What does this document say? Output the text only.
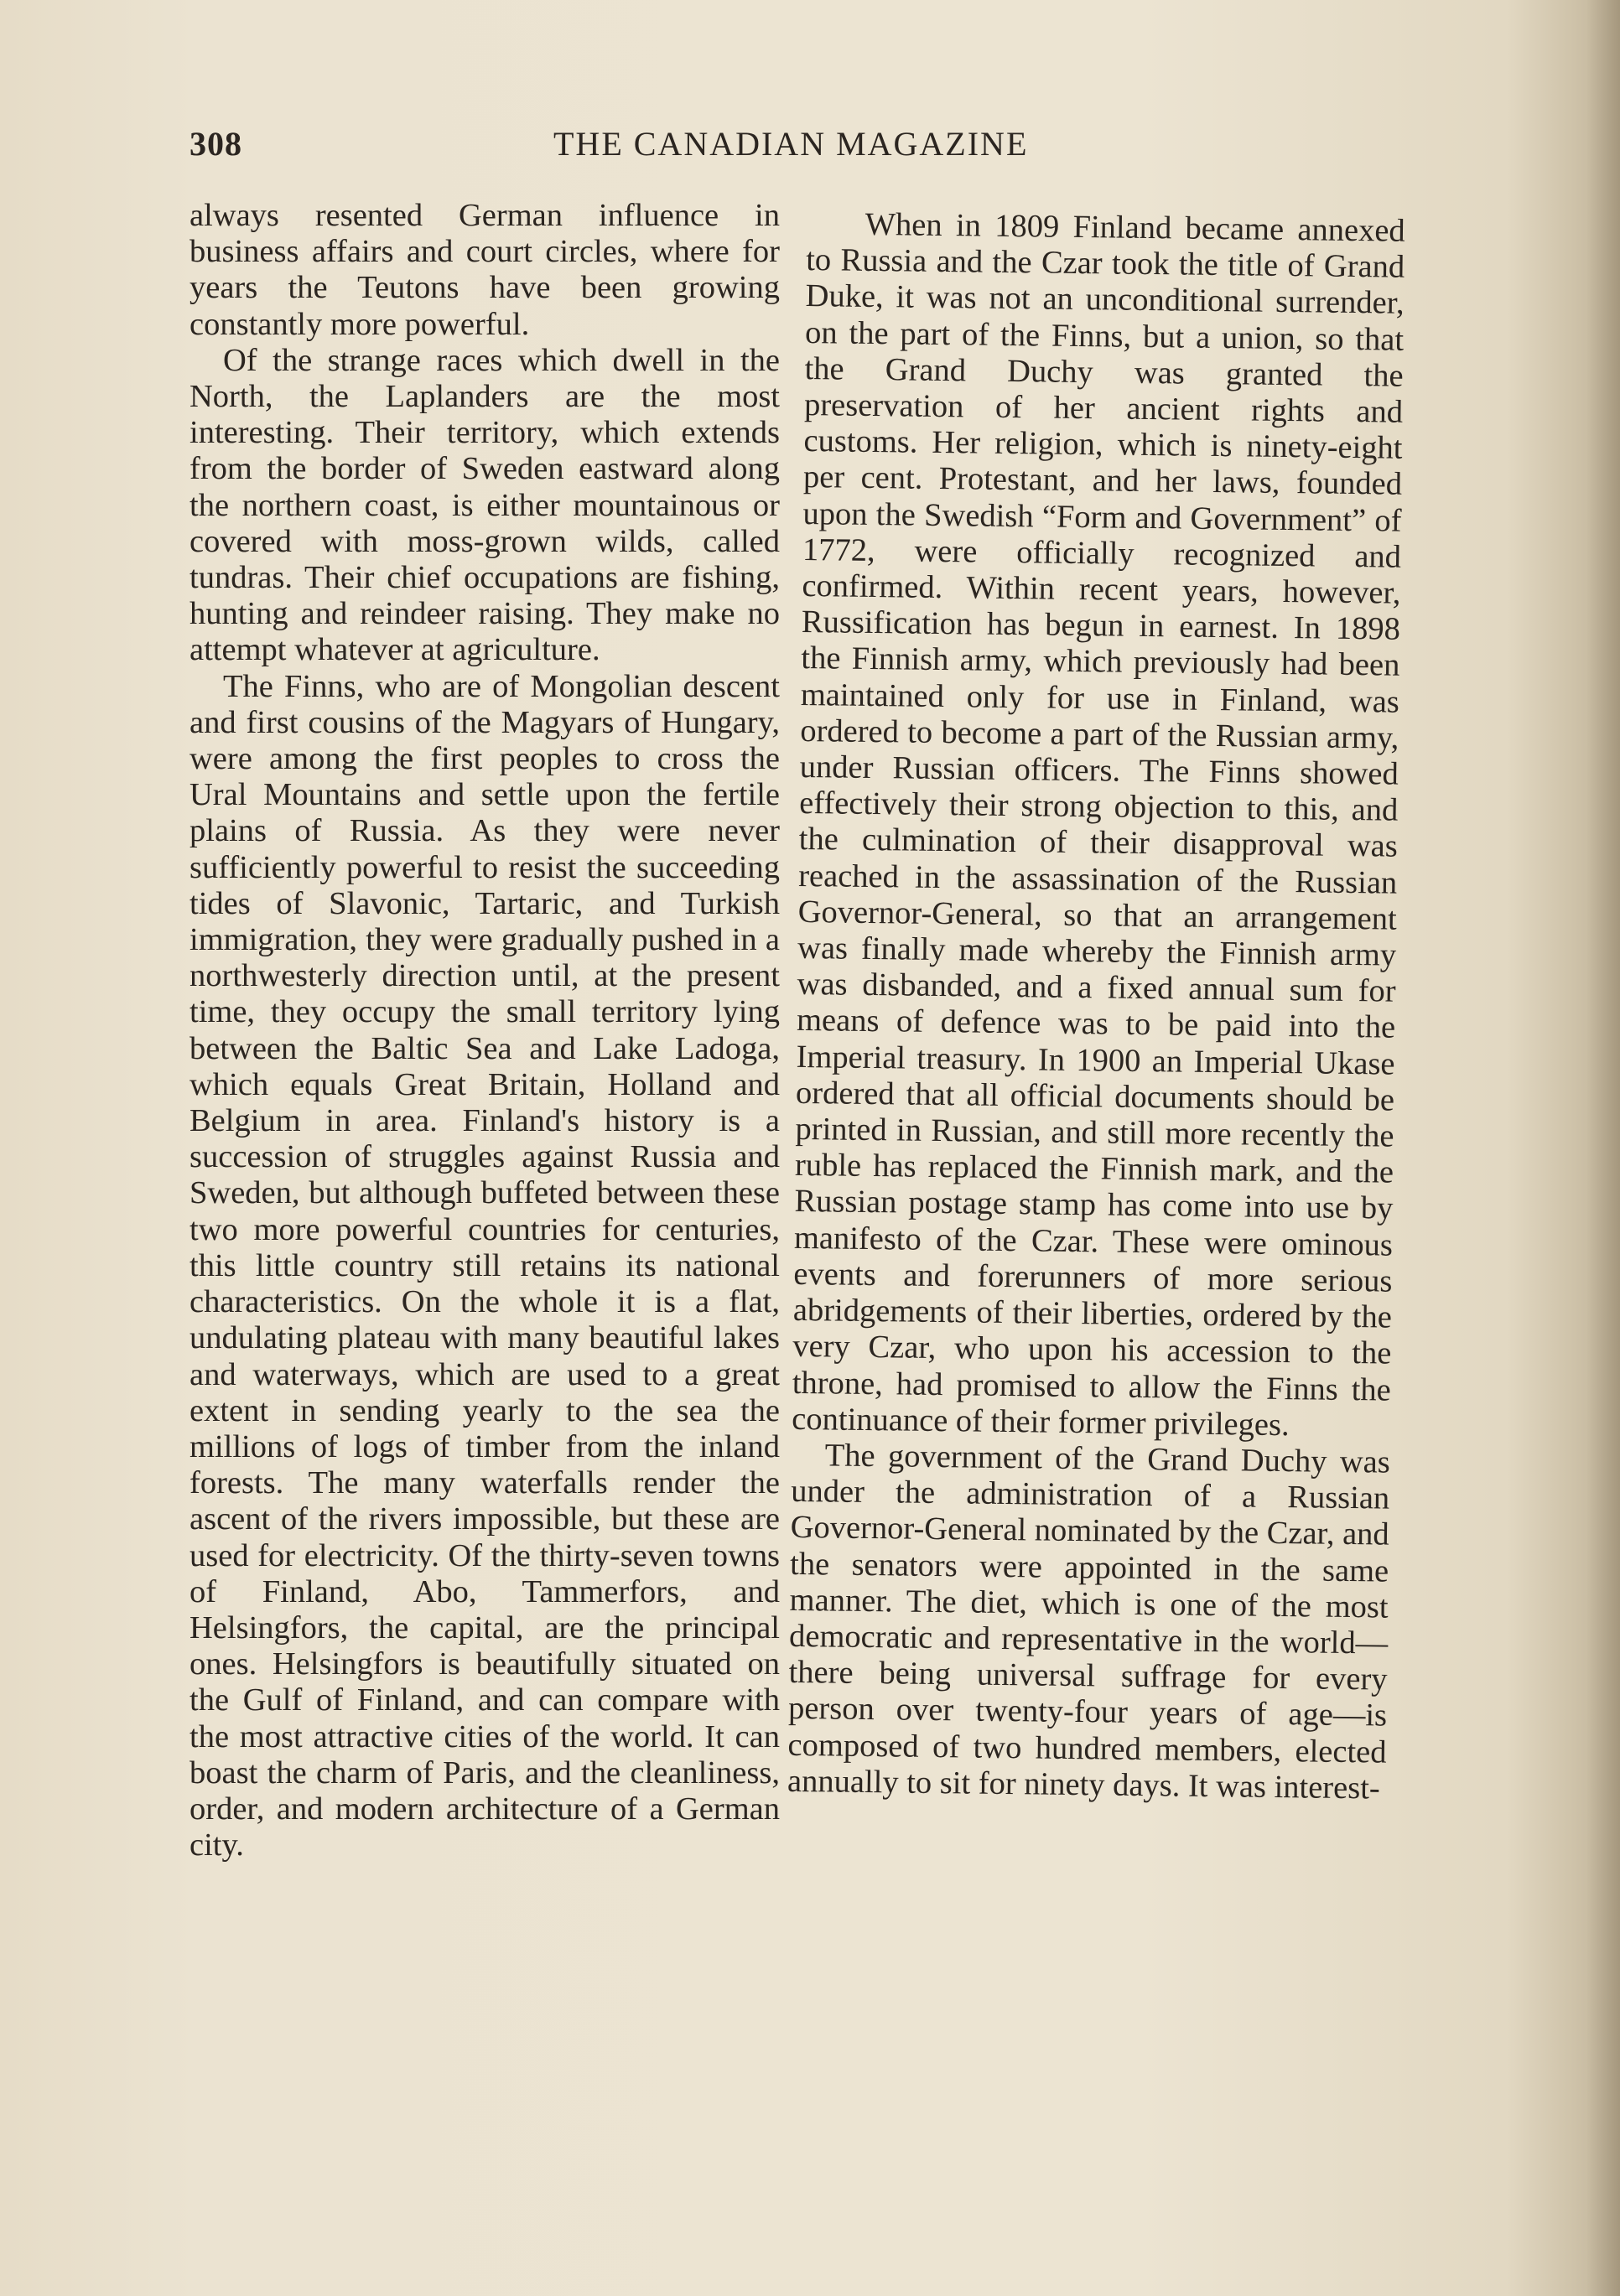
308	THE CANADIAN MAGAZINE

always resented German influence in business affairs and court circles, where for years the Teutons have been growing constantly more powerful.

Of the strange races which dwell in the North, the Laplanders are the most interesting. Their territory, which extends from the border of Sweden eastward along the northern coast, is either mountainous or covered with moss-grown wilds, called tundras. Their chief occupations are fishing, hunting and reindeer raising. They make no attempt whatever at agriculture.

The Finns, who are of Mongolian descent and first cousins of the Magyars of Hungary, were among the first peoples to cross the Ural Mountains and settle upon the fertile plains of Russia. As they were never sufficiently powerful to resist the succeeding tides of Slavonic, Tartaric, and Turkish immigration, they were gradually pushed in a northwesterly direction until, at the present time, they occupy the small territory lying between the Baltic Sea and Lake Ladoga, which equals Great Britain, Holland and Belgium in area. Finland's history is a succession of struggles against Russia and Sweden, but although buffeted between these two more powerful countries for centuries, this little country still retains its national characteristics. On the whole it is a flat, undulating plateau with many beautiful lakes and waterways, which are used to a great extent in sending yearly to the sea the millions of logs of timber from the inland forests. The many waterfalls render the ascent of the rivers impossible, but these are used for electricity. Of the thirty-seven towns of Finland, Abo, Tammerfors, and Helsingfors, the capital, are the principal ones. Helsingfors is beautifully situated on the Gulf of Finland, and can compare with the most attractive cities of the world. It can boast the charm of Paris, and the cleanliness, order, and modern architecture of a German city.

When in 1809 Finland became annexed to Russia and the Czar took the title of Grand Duke, it was not an unconditional surrender, on the part of the Finns, but a union, so that the Grand Duchy was granted the preservation of her ancient rights and customs. Her religion, which is ninety-eight per cent. Protestant, and her laws, founded upon the Swedish “Form and Government” of 1772, were officially recognized and confirmed. Within recent years, however, Russification has begun in earnest. In 1898 the Finnish army, which previously had been maintained only for use in Finland, was ordered to become a part of the Russian army, under Russian officers. The Finns showed effectively their strong objection to this, and the culmination of their disapproval was reached in the assassination of the Russian Governor-General, so that an arrangement was finally made whereby the Finnish army was disbanded, and a fixed annual sum for means of defence was to be paid into the Imperial treasury. In 1900 an Imperial Ukase ordered that all official documents should be printed in Russian, and still more recently the ruble has replaced the Finnish mark, and the Russian postage stamp has come into use by manifesto of the Czar. These were ominous events and forerunners of more serious abridgements of their liberties, ordered by the very Czar, who upon his accession to the throne, had promised to allow the Finns the continuance of their former privileges.

The government of the Grand Duchy was under the administration of a Russian Governor-General nominated by the Czar, and the senators were appointed in the same manner. The diet, which is one of the most democratic and representative in the world—there being universal suffrage for every person over twenty-four years of age—is composed of two hundred members, elected annually to sit for ninety days. It was interest-
